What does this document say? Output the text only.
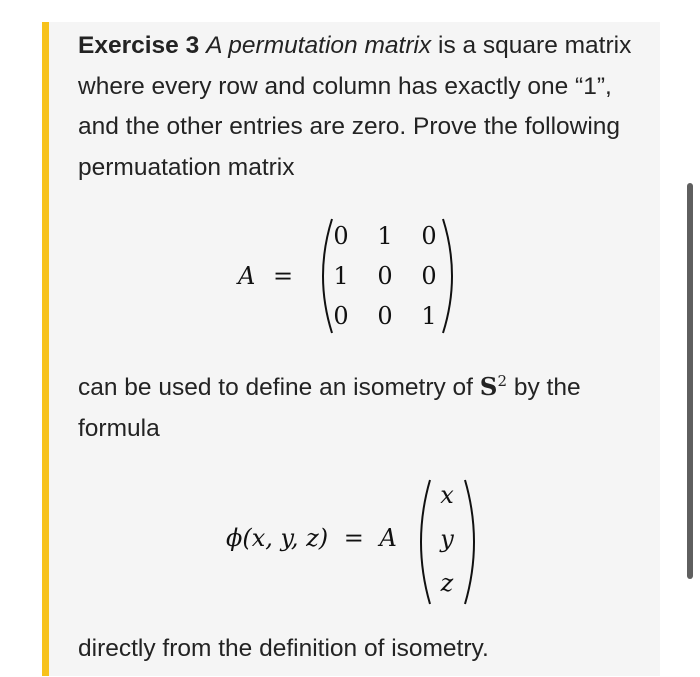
Exercise 3 A permutation matrix is a square matrix where every row and column has exactly one “1”, and the other entries are zero. Prove the following permuatation matrix
A =
0	1	0
1	0	0
0	0	1
can be used to define an isometry of $S^2$ by the formula
ϕ(x, y, z) = A
x
y
z
directly from the definition of isometry.
